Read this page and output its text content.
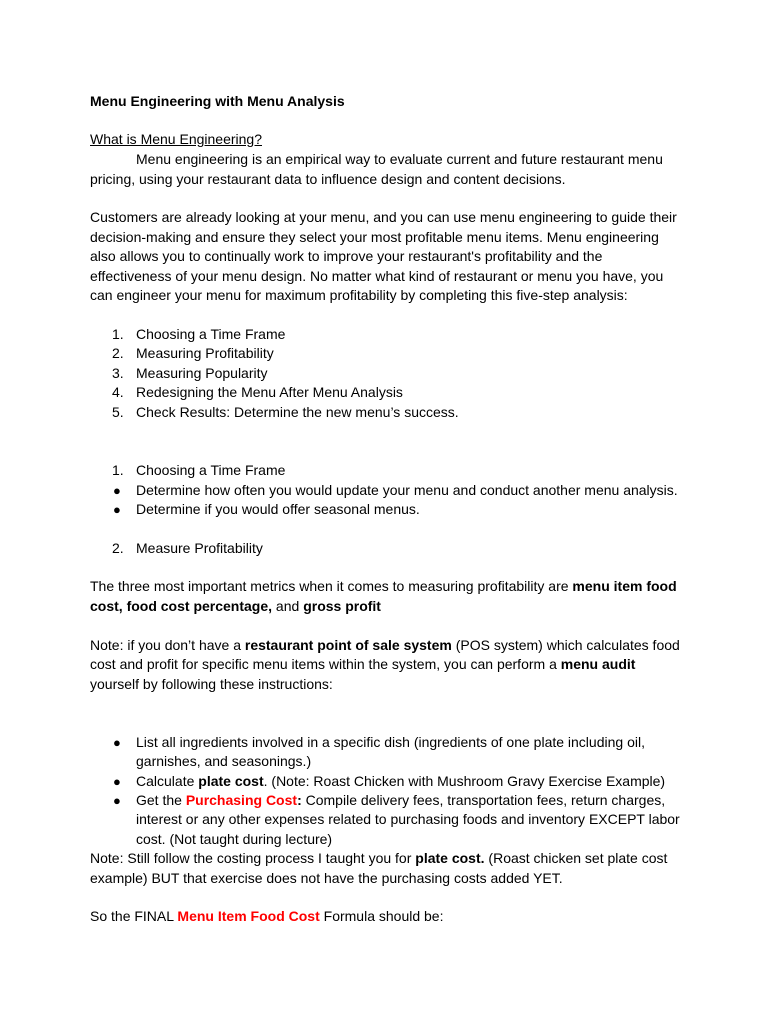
Menu Engineering with Menu Analysis
What is Menu Engineering?
Menu engineering is an empirical way to evaluate current and future restaurant menu
pricing, using your restaurant data to influence design and content decisions.
Customers are already looking at your menu, and you can use menu engineering to guide their
decision-making and ensure they select your most profitable menu items. Menu engineering
also allows you to continually work to improve your restaurant's profitability and the
effectiveness of your menu design. No matter what kind of restaurant or menu you have, you
can engineer your menu for maximum profitability by completing this five-step analysis:
1. Choosing a Time Frame
2. Measuring Profitability
3. Measuring Popularity
4. Redesigning the Menu After Menu Analysis
5. Check Results: Determine the new menu’s success.
1. Choosing a Time Frame
● Determine how often you would update your menu and conduct another menu analysis.
● Determine if you would offer seasonal menus.
2. Measure Profitability
The three most important metrics when it comes to measuring profitability are menu item food
cost, food cost percentage, and gross profit
Note: if you don’t have a restaurant point of sale system (POS system) which calculates food
cost and profit for specific menu items within the system, you can perform a menu audit
yourself by following these instructions:
● List all ingredients involved in a specific dish (ingredients of one plate including oil,
garnishes, and seasonings.)
● Calculate plate cost. (Note: Roast Chicken with Mushroom Gravy Exercise Example)
● Get the Purchasing Cost: Compile delivery fees, transportation fees, return charges,
interest or any other expenses related to purchasing foods and inventory EXCEPT labor
cost. (Not taught during lecture)
Note: Still follow the costing process I taught you for plate cost. (Roast chicken set plate cost
example) BUT that exercise does not have the purchasing costs added YET.
So the FINAL Menu Item Food Cost Formula should be:
